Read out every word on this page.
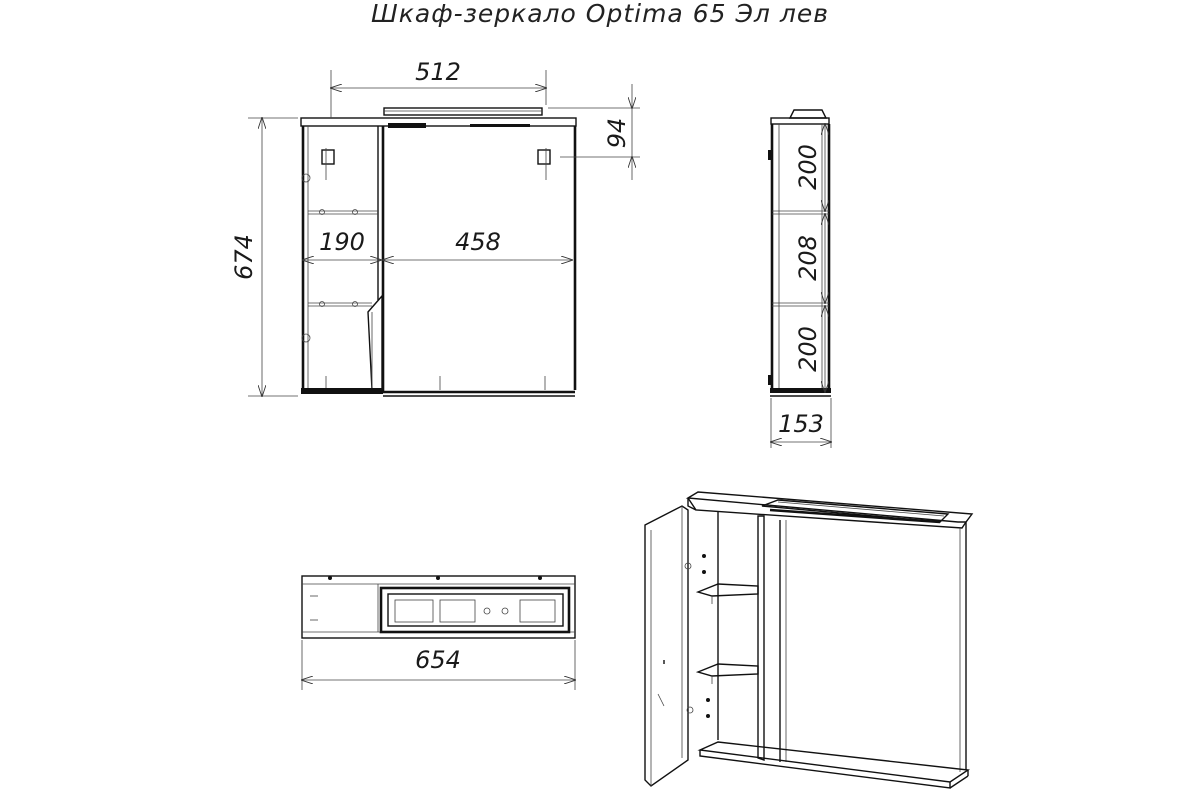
Шкаф-зеркало Optima 65 Эл лев
512
94
674	190	458
200
208
200
153
654
